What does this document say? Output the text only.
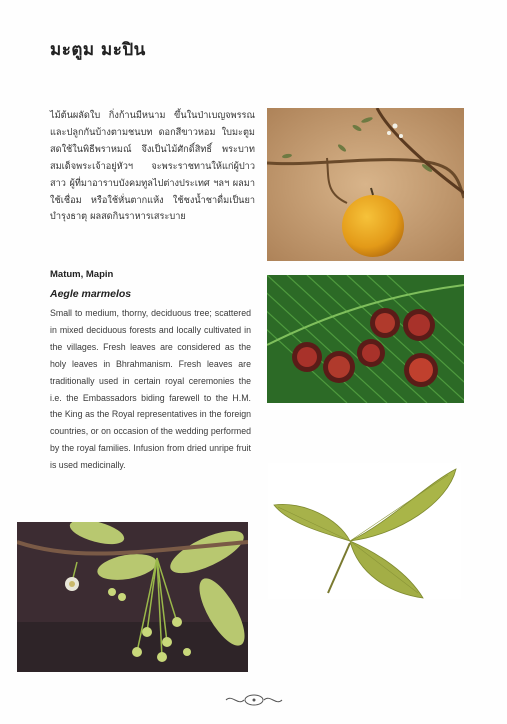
มะตูม มะปิน
ไม้ต้นผลัดใบ กิ่งก้านมีหนาม ขึ้นในป่าเบญจพรรณและปลูกกันบ้างตามชนบท ดอกสีขาวหอม ใบมะตูมสดใช้ในพิธีพราหมณ์ จึงเป็นไม้ศักดิ์สิทธิ์ พระบาทสมเด็จพระเจ้าอยู่หัวฯ จะพระราชทานให้แก่ผู้ปาวสาว ผู้ที่มาอาราบบังคมทูลไปต่างประเทศ ฯลฯ ผลมาใช้เชื่อม หรือใช้หั่นตากแห้ง ใช้ชงน้ำชาดื่มเป็นยาบำรุงธาตุ ผลสดกินราหารเสระบาย
Matum, Mapin
Aegle marmelos
Small to medium, thorny, deciduous tree; scattered in mixed deciduous forests and locally cultivated in the villages. Fresh leaves are considered as the holy leaves in Bhrahmanism. Fresh leaves are traditionally used in certain royal ceremonies the i.e. the Embassadors biding farewell to the H.M. the King as the Royal representatives in the foreign countries, or on occasion of the wedding performed by the royal families. Infusion from dried unripe fruit is used medicinally.
